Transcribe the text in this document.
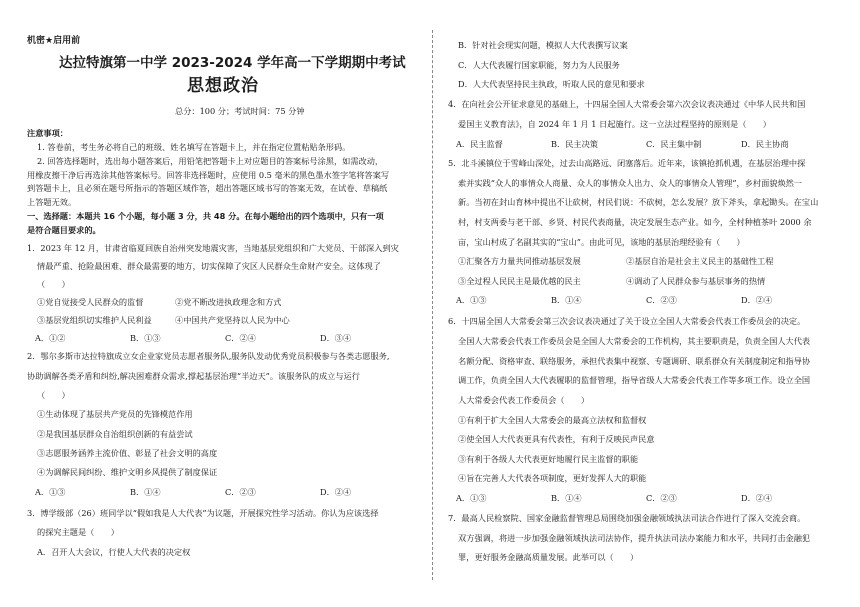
机密★启用前
达拉特旗第一中学 2023-2024 学年高一下学期期中考试
思想政治
总分：100 分；考试时间：75 分钟
注意事项：
1. 答卷前，考生务必将自己的班级、姓名填写在答题卡上，并在指定位置粘贴条形码。
2. 回答选择题时，选出每小题答案后，用铅笔把答题卡上对应题目的答案标号涂黑，如需改动，
用橡皮擦干净后再选涂其他答案标号。回答非选择题时，应使用 0.5 毫米的黑色墨水签字笔将答案写
到答题卡上，且必须在题号所指示的答题区域作答，超出答题区域书写的答案无效，在试卷、草稿纸
上答题无效。
一、选择题：本题共 16 个小题，每小题 3 分，共 48 分。在每小题给出的四个选项中，只有一项
是符合题目要求的。
1．2023 年 12 月，甘肃省临夏回族自治州突发地震灾害，当地基层党组织和广大党员、干部深入到灾
情最严重、抢险最困难、群众最需要的地方，切实保障了灾区人民群众生命财产安全。这体现了
（　　）
①党自觉接受人民群众的监督	②党不断改进执政理念和方式
③基层党组织切实维护人民利益	④中国共产党坚持以人民为中心
A．①②	B．①③	C．②④	D．③④
2．鄂尔多斯市达拉特旗成立女企业家党员志愿者服务队,服务队发动优秀党员积极参与各类志愿服务,
协助调解各类矛盾和纠纷,解决困难群众需求,撑起基层治理“半边天”。该服务队的成立与运行
（　　）
①生动体现了基层共产党员的先锋模范作用
②是我国基层群众自治组织创新的有益尝试
③志愿服务涵养主流价值、彰显了社会文明的高度
④为调解民间纠纷、维护文明乡风提供了制度保证
A．①③	B．①④	C．②③	D．②④
3．博学级部（26）班同学以“假如我是人大代表”为议题，开展探究性学习活动。你认为应该选择
的探究主题是（　　）
A．召开人大会议，行使人大代表的决定权
B．针对社会现实问题，模拟人大代表撰写议案
C．人大代表履行国家职能，努力为人民服务
D．人大代表坚持民主执政，听取人民的意见和要求
4．在向社会公开征求意见的基础上，十四届全国人大常委会第六次会议表决通过《中华人民共和国
爱国主义教育法》，自 2024 年 1 月 1 日起施行。这一立法过程坚持的原则是（　　）
A．民主监督	B．民主决策	C．民主集中制	D．民主协商
5．北斗溪镇位于雪峰山深处，过去山高路远、闭塞落后。近年来，该镇抢抓机遇，在基层治理中探
索并实践“众人的事情众人商量、众人的事情众人出力、众人的事情众人管理”，乡村面貌焕然一
新。当初在封山育林中提出不让砍树，村民们说：不砍树，怎么发展？放下斧头，拿起锄头。在宝山
村，村支两委与老干部、乡贤、村民代表商量，决定发展生态产业。如今，全村种植茶叶 2000 余
亩，宝山村成了名副其实的“宝山”。由此可见，该地的基层治理经验有（　　）
①汇聚各方力量共同推动基层发展	②基层自治是社会主义民主的基础性工程
③全过程人民民主是最优越的民主	④调动了人民群众参与基层事务的热情
A．①③	B．①④	C．②③	D．②④
6．十四届全国人大常委会第三次会议表决通过了关于设立全国人大常委会代表工作委员会的决定。
全国人大常委会代表工作委员会是全国人大常委会的工作机构，其主要职责是，负责全国人大代表
名额分配、资格审查、联络服务，承担代表集中视察、专题调研、联系群众有关制度制定和指导协
调工作，负责全国人大代表履职的监督管理，指导省级人大常委会代表工作等多项工作。设立全国
人大常委会代表工作委员会（　　）
①有利于扩大全国人大常委会的最高立法权和监督权
②使全国人大代表更具有代表性，有利于反映民声民意
③有利于各级人大代表更好地履行民主监督的职能
④旨在完善人大代表各项制度，更好发挥人大的职能
A．①③	B．①④	C．②③	D．②④
7．最高人民检察院、国家金融监督管理总局围绕加强金融领域执法司法合作进行了深入交流会商。
双方强调，将进一步加强金融领域执法司法协作，提升执法司法办案能力和水平，共同打击金融犯
罪，更好服务金融高质量发展。此举可以（　　）
